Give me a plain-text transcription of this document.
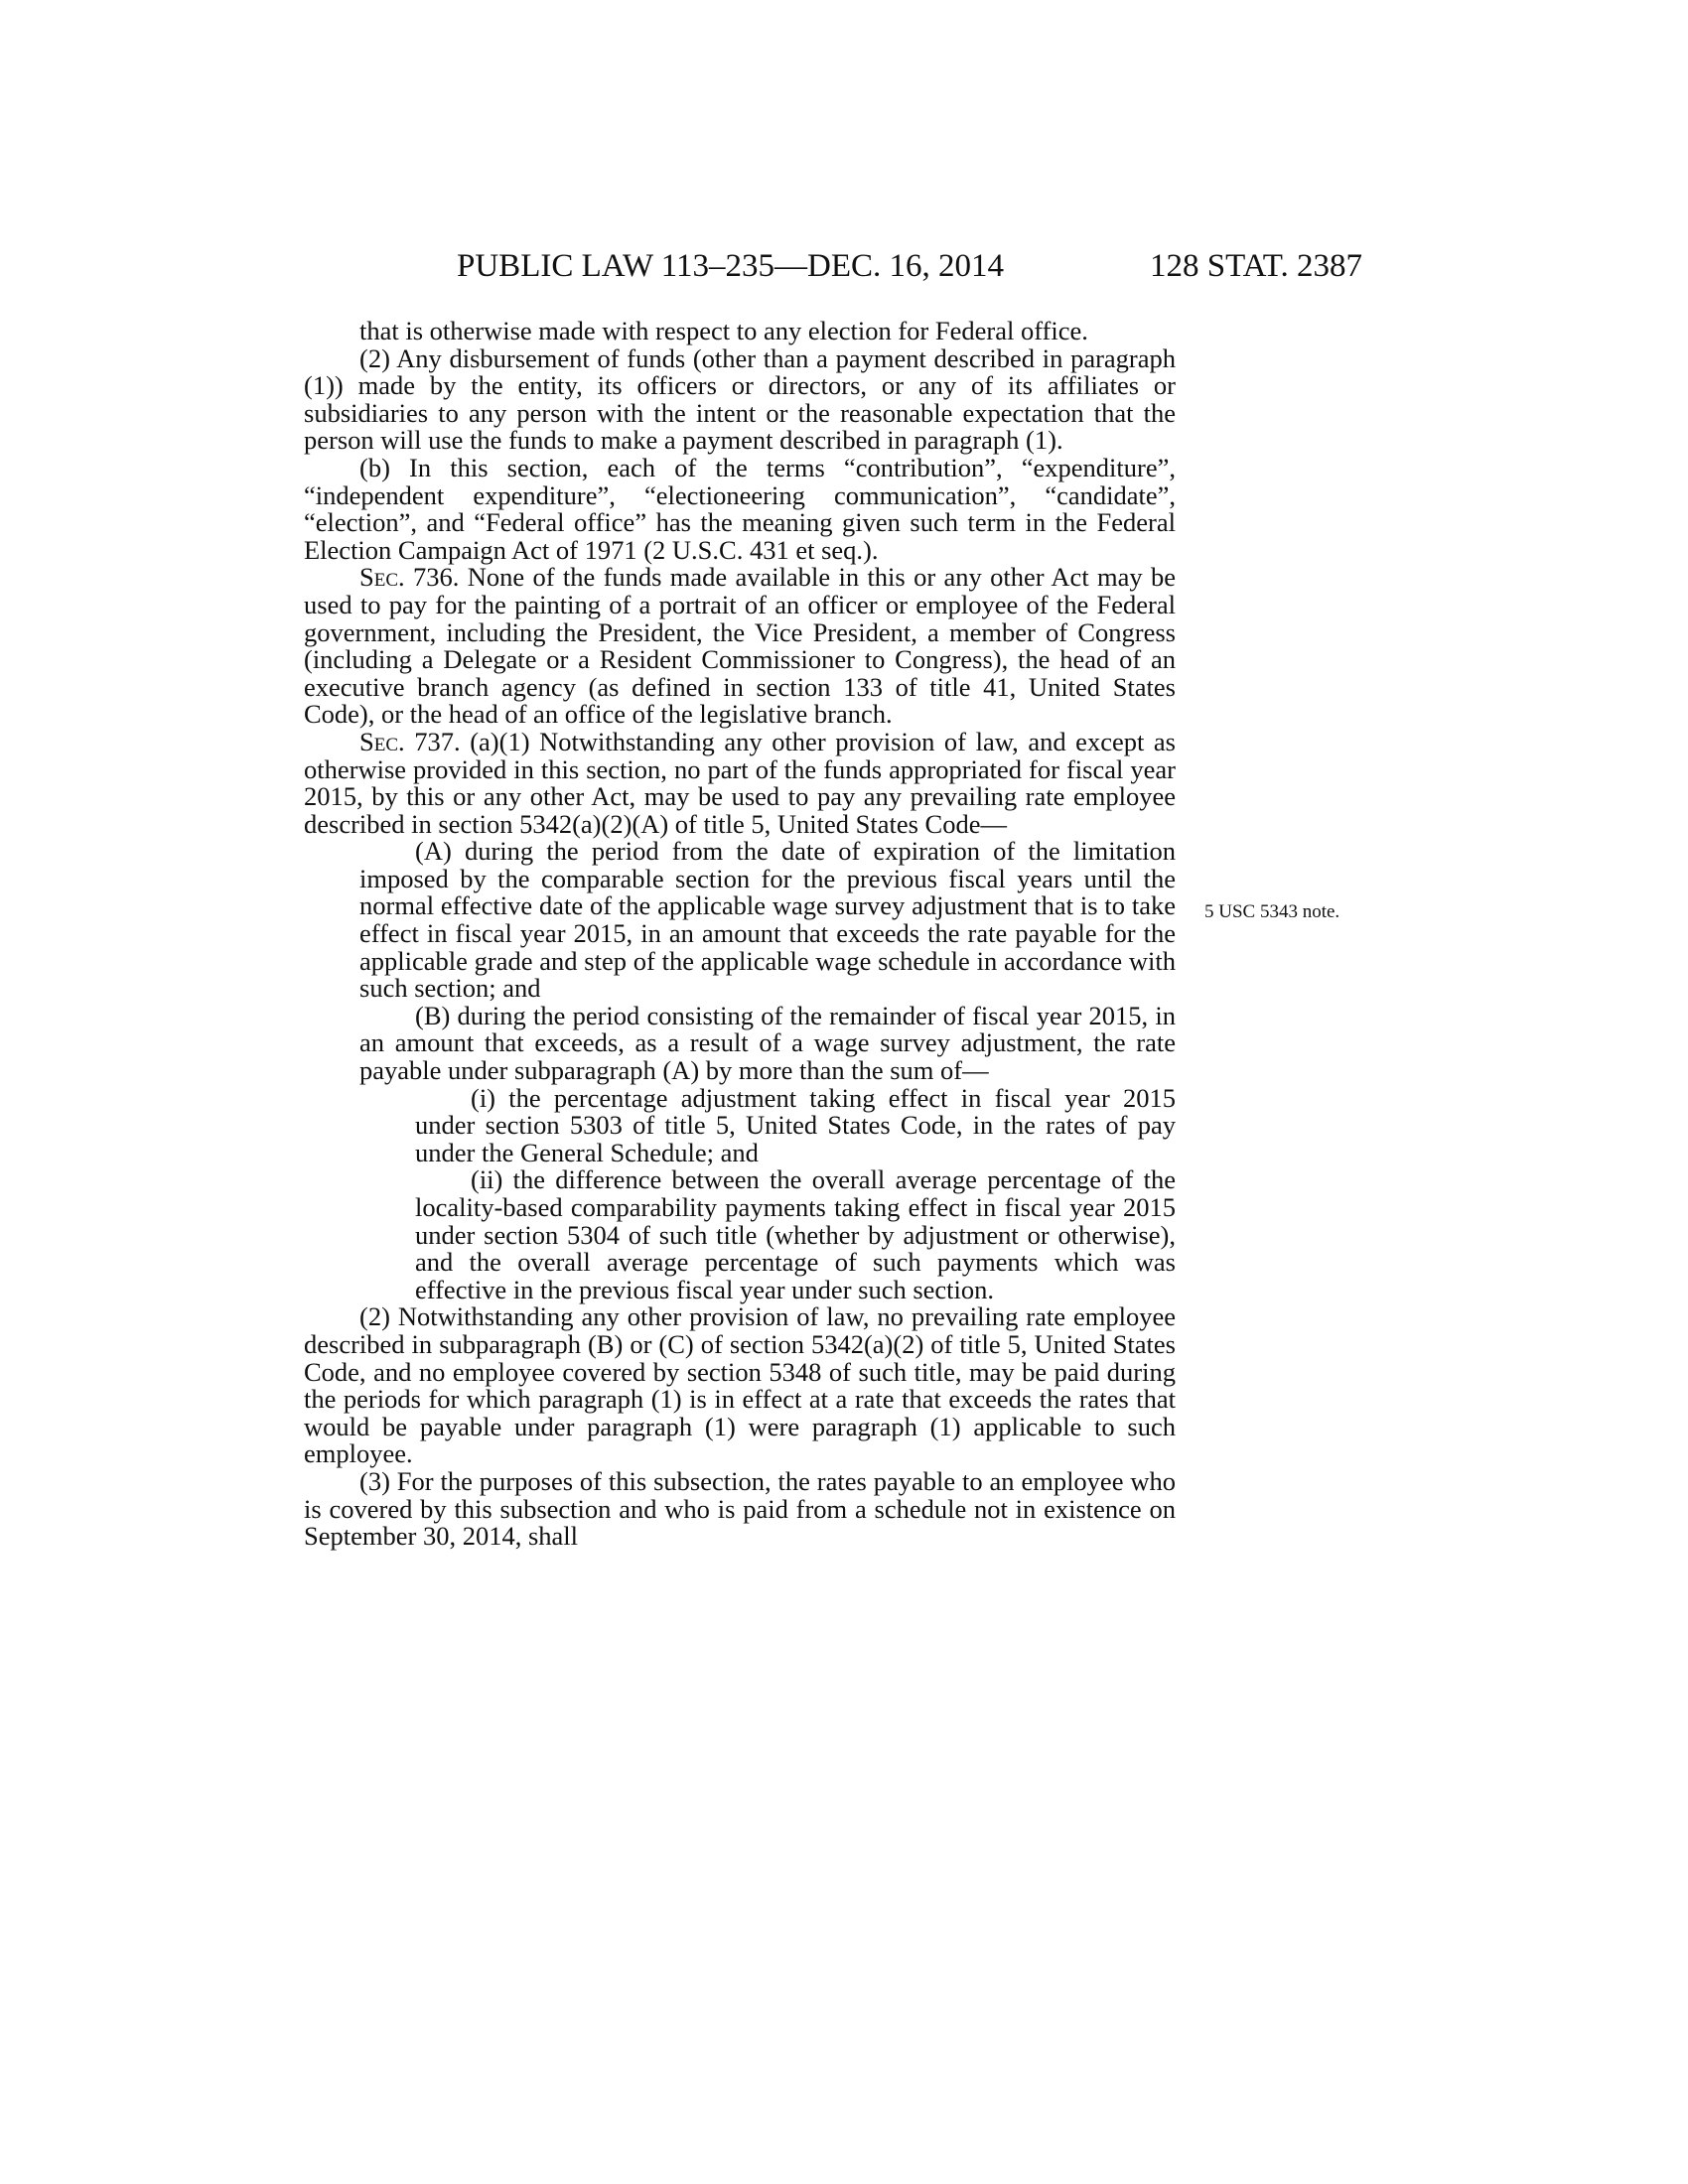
PUBLIC LAW 113–235—DEC. 16, 2014	128 STAT. 2387
5 USC 5343 note.

that is otherwise made with respect to any election for Federal office.

(2) Any disbursement of funds (other than a payment described in paragraph (1)) made by the entity, its officers or directors, or any of its affiliates or subsidiaries to any person with the intent or the reasonable expectation that the person will use the funds to make a payment described in paragraph (1).

(b) In this section, each of the terms “contribution”, “expenditure”, “independent expenditure”, “electioneering communication”, “candidate”, “election”, and “Federal office” has the meaning given such term in the Federal Election Campaign Act of 1971 (2 U.S.C. 431 et seq.).

Sec. 736. None of the funds made available in this or any other Act may be used to pay for the painting of a portrait of an officer or employee of the Federal government, including the President, the Vice President, a member of Congress (including a Delegate or a Resident Commissioner to Congress), the head of an executive branch agency (as defined in section 133 of title 41, United States Code), or the head of an office of the legislative branch.

Sec. 737. (a)(1) Notwithstanding any other provision of law, and except as otherwise provided in this section, no part of the funds appropriated for fiscal year 2015, by this or any other Act, may be used to pay any prevailing rate employee described in section 5342(a)(2)(A) of title 5, United States Code—

(A) during the period from the date of expiration of the limitation imposed by the comparable section for the previous fiscal years until the normal effective date of the applicable wage survey adjustment that is to take effect in fiscal year 2015, in an amount that exceeds the rate payable for the applicable grade and step of the applicable wage schedule in accordance with such section; and

(B) during the period consisting of the remainder of fiscal year 2015, in an amount that exceeds, as a result of a wage survey adjustment, the rate payable under subparagraph (A) by more than the sum of—

(i) the percentage adjustment taking effect in fiscal year 2015 under section 5303 of title 5, United States Code, in the rates of pay under the General Schedule; and

(ii) the difference between the overall average percentage of the locality-based comparability payments taking effect in fiscal year 2015 under section 5304 of such title (whether by adjustment or otherwise), and the overall average percentage of such payments which was effective in the previous fiscal year under such section.

(2) Notwithstanding any other provision of law, no prevailing rate employee described in subparagraph (B) or (C) of section 5342(a)(2) of title 5, United States Code, and no employee covered by section 5348 of such title, may be paid during the periods for which paragraph (1) is in effect at a rate that exceeds the rates that would be payable under paragraph (1) were paragraph (1) applicable to such employee.

(3) For the purposes of this subsection, the rates payable to an employee who is covered by this subsection and who is paid from a schedule not in existence on September 30, 2014, shall
